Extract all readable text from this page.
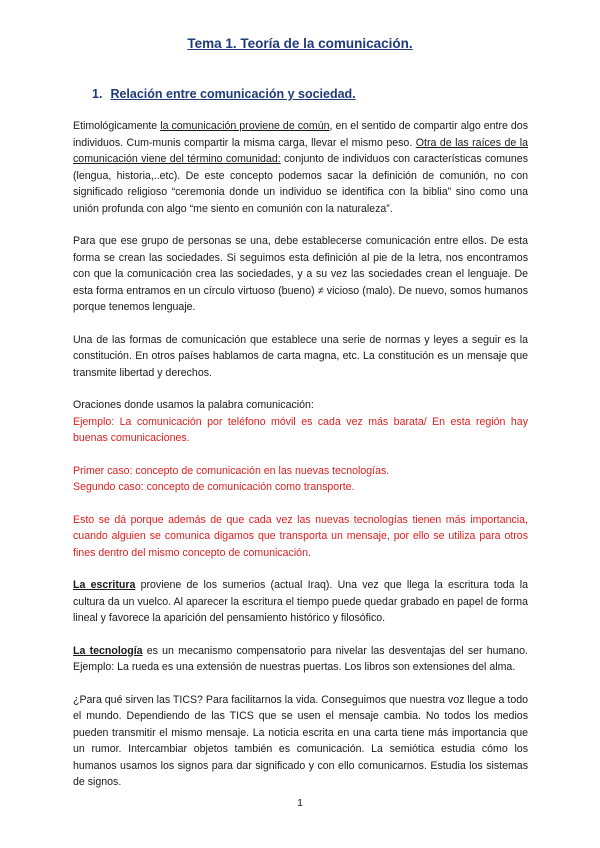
Tema 1. Teoría de la comunicación.
1. Relación entre comunicación y sociedad.

Etimológicamente la comunicación proviene de común, en el sentido de compartir algo entre dos individuos. Cum-munis compartir la misma carga, llevar el mismo peso. Otra de las raíces de la comunicación viene del término comunidad: conjunto de individuos con características comunes (lengua, historia,..etc). De este concepto podemos sacar la definición de comunión, no con significado religioso “ceremonia donde un individuo se identifica con la biblia” sino como una unión profunda con algo “me siento en comunión con la naturaleza”.

Para que ese grupo de personas se una, debe establecerse comunicación entre ellos. De esta forma se crean las sociedades. Si seguimos esta definición al pie de la letra, nos encontramos con que la comunicación crea las sociedades, y a su vez las sociedades crean el lenguaje. De esta forma entramos en un círculo virtuoso (bueno) ≠ vicioso (malo). De nuevo, somos humanos porque tenemos lenguaje.

Una de las formas de comunicación que establece una serie de normas y leyes a seguir es la constitución. En otros países hablamos de carta magna, etc. La constitución es un mensaje que transmite libertad y derechos.

Oraciones donde usamos la palabra comunicación:

Ejemplo: La comunicación por teléfono móvil es cada vez más barata/ En esta región hay buenas comunicaciones.

Primer caso: concepto de comunicación en las nuevas tecnologías.

Segundo caso: concepto de comunicación como transporte.

Esto se dá porque además de que cada vez las nuevas tecnologías tienen más importancia, cuando alguien se comunica digamos que transporta un mensaje, por ello se utiliza para otros fines dentro del mismo concepto de comunicación.

La escritura proviene de los sumerios (actual Iraq). Una vez que llega la escritura toda la cultura da un vuelco. Al aparecer la escritura el tiempo puede quedar grabado en papel de forma lineal y favorece la aparición del pensamiento histórico y filosófico.

La tecnología es un mecanismo compensatorio para nivelar las desventajas del ser humano. Ejemplo: La rueda es una extensión de nuestras puertas. Los libros son extensiones del alma.

¿Para qué sirven las TICS? Para facilitarnos la vida. Conseguimos que nuestra voz llegue a todo el mundo. Dependiendo de las TICS que se usen el mensaje cambia. No todos los medios pueden transmitir el mismo mensaje. La noticia escrita en una carta tiene más importancia que un rumor. Intercambiar objetos también es comunicación. La semiótica estudia cómo los humanos usamos los signos para dar significado y con ello comunicarnos. Estudia los sistemas de signos.

1
